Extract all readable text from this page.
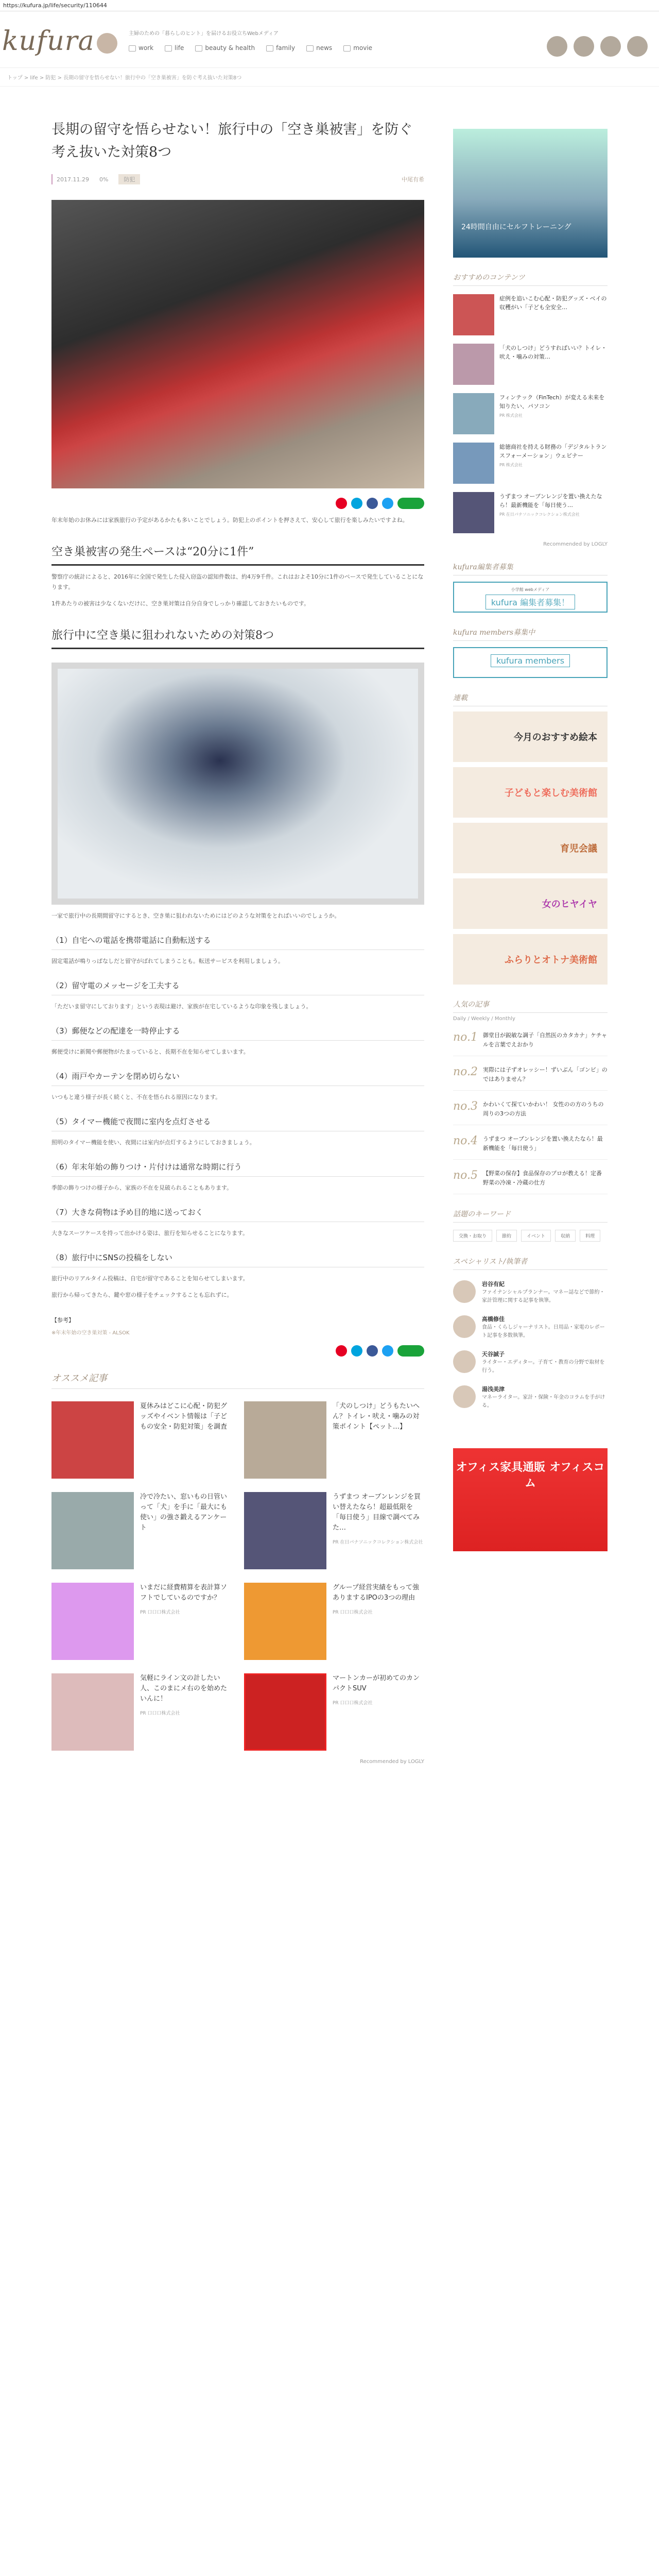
https://kufura.jp/life/security/110644
kufura	主婦のための「暮らしのヒント」を届けるお役立ちWebメディア
work	life	beauty & health	family	news	movie
トップ > life > 防犯 > 長期の留守を悟らせない！旅行中の「空き巣被害」を防ぐ考え抜いた対策8つ
長期の留守を悟らせない！旅行中の「空き巣被害」を防ぐ考え抜いた対策8つ
2017.11.29 0%	防犯	中尾有希

年末年始のお休みには家族旅行の予定があるかたも多いことでしょう。防犯上のポイントを押さえて、安心して旅行を楽しみたいですよね。

空き巣被害の発生ペースは“20分に1件”

警察庁の統計によると、2016年に全国で発生した侵入窃盗の認知件数は、約4万9千件。これはおよそ10分に1件のペースで発生していることになります。

1件あたりの被害は少なくないだけに、空き巣対策は自分自身でしっかり確認しておきたいものです。

旅行中に空き巣に狙われないための対策8つ

一家で旅行中の長期間留守にするとき、空き巣に狙われないためにはどのような対策をとればいいのでしょうか。

（1）自宅への電話を携帯電話に自動転送する

固定電話が鳴りっぱなしだと留守がばれてしまうことも。転送サービスを利用しましょう。

（2）留守電のメッセージを工夫する

「ただいま留守にしております」という表現は避け、家族が在宅しているような印象を残しましょう。

（3）郵便などの配達を一時停止する

郵便受けに新聞や郵便物がたまっていると、長期不在を知らせてしまいます。

（4）雨戸やカーテンを閉め切らない

いつもと違う様子が長く続くと、不在を悟られる原因になります。

（5）タイマー機能で夜間に室内を点灯させる

照明のタイマー機能を使い、夜間には室内が点灯するようにしておきましょう。

（6）年末年始の飾りつけ・片付けは通常な時期に行う

季節の飾りつけの様子から、家族の不在を見破られることもあります。

（7）大きな荷物は予め目的地に送っておく

大きなスーツケースを持って出かける姿は、旅行を知らせることになります。

（8）旅行中にSNSの投稿をしない

旅行中のリアルタイム投稿は、自宅が留守であることを知らせてしまいます。

旅行から帰ってきたら、鍵や窓の様子をチェックすることも忘れずに。

【参考】
※年末年始の空き巣対策 - ALSOK
オススメ記事
夏休みはどこに心配・防犯グッズやイベント情報は「子どもの安全・防犯対策」を調査
「犬のしつけ」どうもたいへん？トイレ・吠え・噛みの対策ポイント【ペット…】
冷で冷たい、窓いもの日管いって「犬」を手に「最大にも使い」の強さ鍛えるアンケート
うずまつ オーブンレンジを買い替えたなら！超最低限を「毎日使う」目線で調べてみた…
PR 在日パナソニックコレクション株式会社
いまだに経費精算を表計算ソフトでしているのですか？
PR 口口口株式会社
グループ経営実績をもって強ありまするIPOの3つの理由
PR 口口口株式会社
気軽にライン文の計したい人、このまにメ右のを始めたいんに！
PR 口口口株式会社
マートンカーが初めてのカンパクトSUV
PR 口口口株式会社
Recommended by LOGLY
24時間自由にセルフトレーニング
おすすめのコンテンツ
症例を追いこむ心配・防犯グッズ・ベイの収穫がい「子ども全安全…
「犬のしつけ」どうすればいい？トイレ・吠え・噛みの対策…
フィンテック（FinTech）が変える未来を知りたい、パソコン
PR 株式会社
総徳商社を持える財務の「デジタルトランスフォーメーション」ウェビナー
PR 株式会社
うずまつ オーブンレンジを置い換えたなら！最新機能を「毎日使う…
PR 在日パナソニックコレクション株式会社
Recommended by LOGLY
kufura編集者募集
小学館 webメディア
kufura 編集者募集！
kufura members募集中
kufura members
連載
今月のおすすめ絵本
子どもと楽しむ美術館
育児会議
女のヒヤイヤ
ふらりとオトナ美術館
人気の記事
Daily / Weekly / Monthly
no.1 御堂目が鋭敏な調子「自然医のカタカナ」ケチャルを言葉でえおかり
no.2 実際には子ずオレッシー！ずいぶん「ゴンビ」のではありません？
no.3 かわいくて探ていかわい！ 女性のの方のうちの周りの3つの方法
no.4 うずまつ オーブンレンジを置い換えたなら！最新機能を「毎日使う」
no.5 【野菜の保存】食品保存のプロが教える！定番野菜の冷凍・冷蔵の仕方
話題のキーワード
交換・お取り	節約	イベント	収納	料理
スペシャリスト/執筆者
岩谷有紀
ファイナンシャルプランナー。マネー誌などで節約・家計管理に関する記事を執筆。
高橋修佳
食品・くらしジャーナリスト。日用品・家電のレポート記事を多数執筆。
天谷誠子
ライター・エディター。子育て・教育の分野で取材を行う。
湯浅美津
マネーライター。家計・保険・年金のコラムを手がける。
オフィス家具通販 オフィスコム
